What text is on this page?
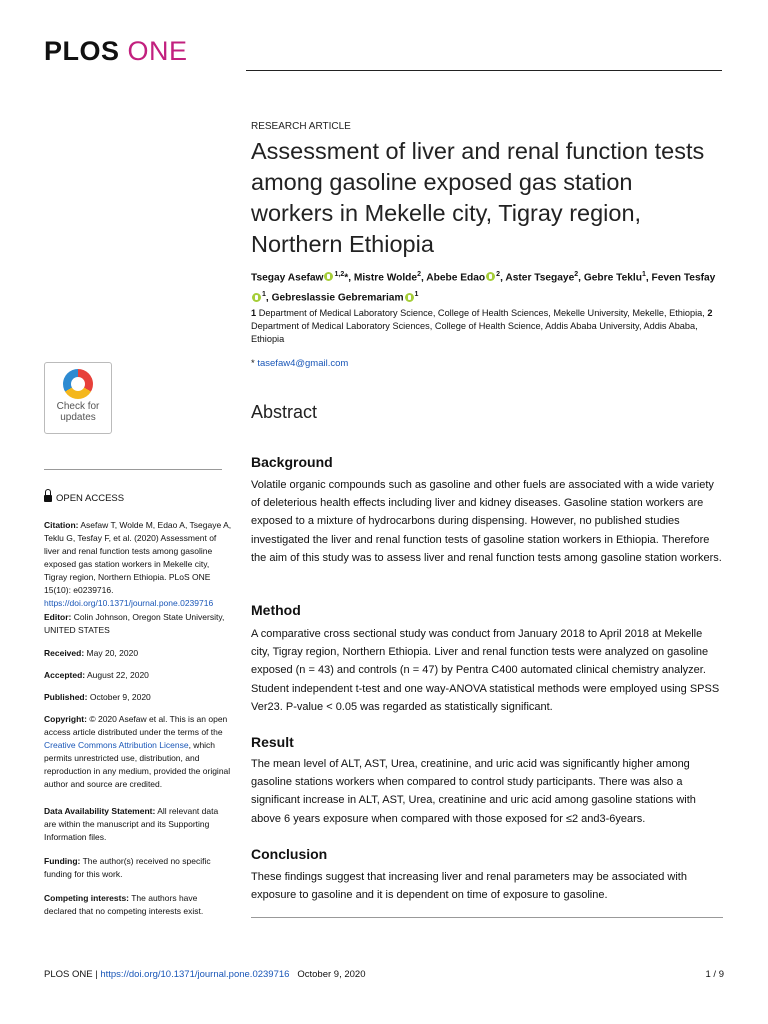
PLOS ONE
Check for
updates
OPEN ACCESS
Citation: Asefaw T, Wolde M, Edao A, Tsegaye A, Teklu G, Tesfay F, et al. (2020) Assessment of liver and renal function tests among gasoline exposed gas station workers in Mekelle city, Tigray region, Northern Ethiopia. PLoS ONE 15(10): e0239716. https://doi.org/10.1371/journal.pone.0239716
Editor: Colin Johnson, Oregon State University, UNITED STATES
Received: May 20, 2020
Accepted: August 22, 2020
Published: October 9, 2020
Copyright: © 2020 Asefaw et al. This is an open access article distributed under the terms of the Creative Commons Attribution License, which permits unrestricted use, distribution, and reproduction in any medium, provided the original author and source are credited.
Data Availability Statement: All relevant data are within the manuscript and its Supporting Information files.
Funding: The author(s) received no specific funding for this work.
Competing interests: The authors have declared that no competing interests exist.
RESEARCH ARTICLE
Assessment of liver and renal function tests among gasoline exposed gas station workers in Mekelle city, Tigray region, Northern Ethiopia
Tsegay Asefaw $^{1,2}$*, Mistre Wolde$^2$, Abebe Edao $^2$, Aster Tsegaye$^2$, Gebre Teklu$^1$, Feven Tesfay$^1$, Gebreslassie Gebremariam $^1$
1 Department of Medical Laboratory Science, College of Health Sciences, Mekelle University, Mekelle, Ethiopia, 2 Department of Medical Laboratory Sciences, College of Health Science, Addis Ababa University, Addis Ababa, Ethiopia
* tasefaw4@gmail.com
Abstract
Background
Volatile organic compounds such as gasoline and other fuels are associated with a wide variety of deleterious health effects including liver and kidney diseases. Gasoline station workers are exposed to a mixture of hydrocarbons during dispensing. However, no published studies investigated the liver and renal function tests of gasoline station workers in Ethiopia. Therefore the aim of this study was to assess liver and renal function tests among gasoline station workers.
Method
A comparative cross sectional study was conduct from January 2018 to April 2018 at Mekelle city, Tigray region, Northern Ethiopia. Liver and renal function tests were analyzed on gasoline exposed (n = 43) and controls (n = 47) by Pentra C400 automated clinical chemistry analyzer. Student independent t-test and one way-ANOVA statistical methods were employed using SPSS Ver23. P-value < 0.05 was regarded as statistically significant.
Result
The mean level of ALT, AST, Urea, creatinine, and uric acid was significantly higher among gasoline stations workers when compared to control study participants. There was also a significant increase in ALT, AST, Urea, creatinine and uric acid among gasoline stations with above 6 years exposure when compared with those exposed for ≤2 and3-6years.
Conclusion
These findings suggest that increasing liver and renal parameters may be associated with exposure to gasoline and it is dependent on time of exposure to gasoline.
PLOS ONE | https://doi.org/10.1371/journal.pone.0239716 October 9, 2020	1 / 9
